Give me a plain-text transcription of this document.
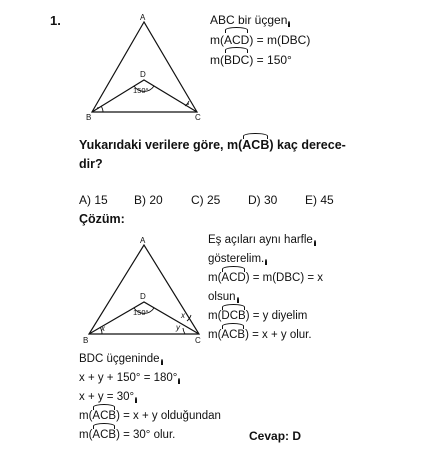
1.	A
D
150°
B	C
ABC bir üçgen
m(ACD) = m(DBC)
m(BDC) = 150°
Yukarıdaki verilere göre, m(ACB) kaç derece-
dir?
A) 15 B) 20 C) 25 D) 30 E) 45
Çözüm:
A
D
150°
x
x
y
B	C
Eş açıları aynı harfle
gösterelim.
m(ACD) = m(DBC) = x
olsun
m(DCB) = y diyelim
m(ACB) = x + y olur.
BDC üçgeninde
x + y + 150° = 180°
x + y = 30°
m(ACB) = x + y olduğundan
m(ACB) = 30° olur.	Cevap: D
